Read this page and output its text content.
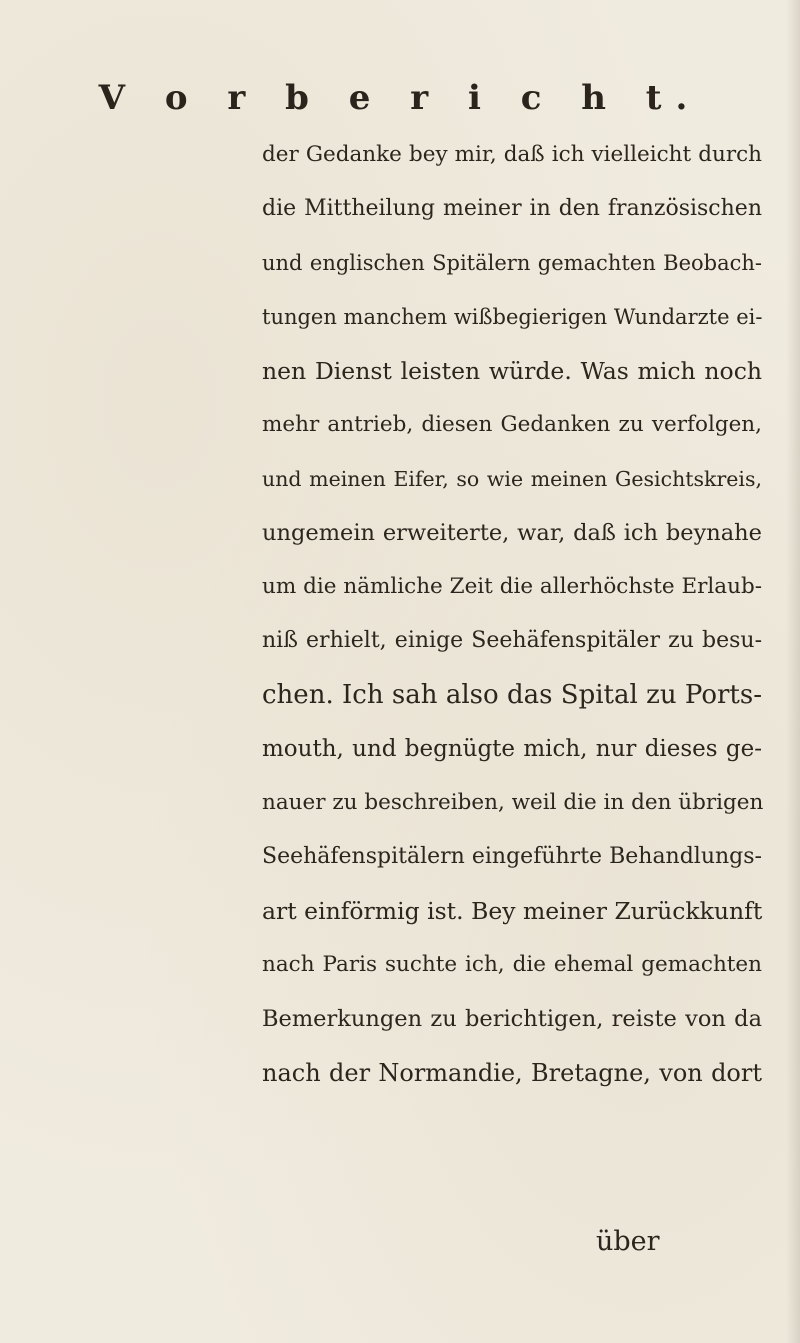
V o r b e r i c h t.
der Gedanke bey mir, daß ich vielleicht durch
die Mittheilung meiner in den französischen
und englischen Spitälern gemachten Beobach-
tungen manchem wißbegierigen Wundarzte ei-
nen Dienst leisten würde. Was mich noch
mehr antrieb, diesen Gedanken zu verfolgen,
und meinen Eifer, so wie meinen Gesichtskreis,
ungemein erweiterte, war, daß ich beynahe
um die nämliche Zeit die allerhöchste Erlaub-
niß erhielt, einige Seehäfenspitäler zu besu-
chen. Ich sah also das Spital zu Ports-
mouth, und begnügte mich, nur dieses ge-
nauer zu beschreiben, weil die in den übrigen
Seehäfenspitälern eingeführte Behandlungs-
art einförmig ist. Bey meiner Zurückkunft
nach Paris suchte ich, die ehemal gemachten
Bemerkungen zu berichtigen, reiste von da
nach der Normandie, Bretagne, von dort
über
